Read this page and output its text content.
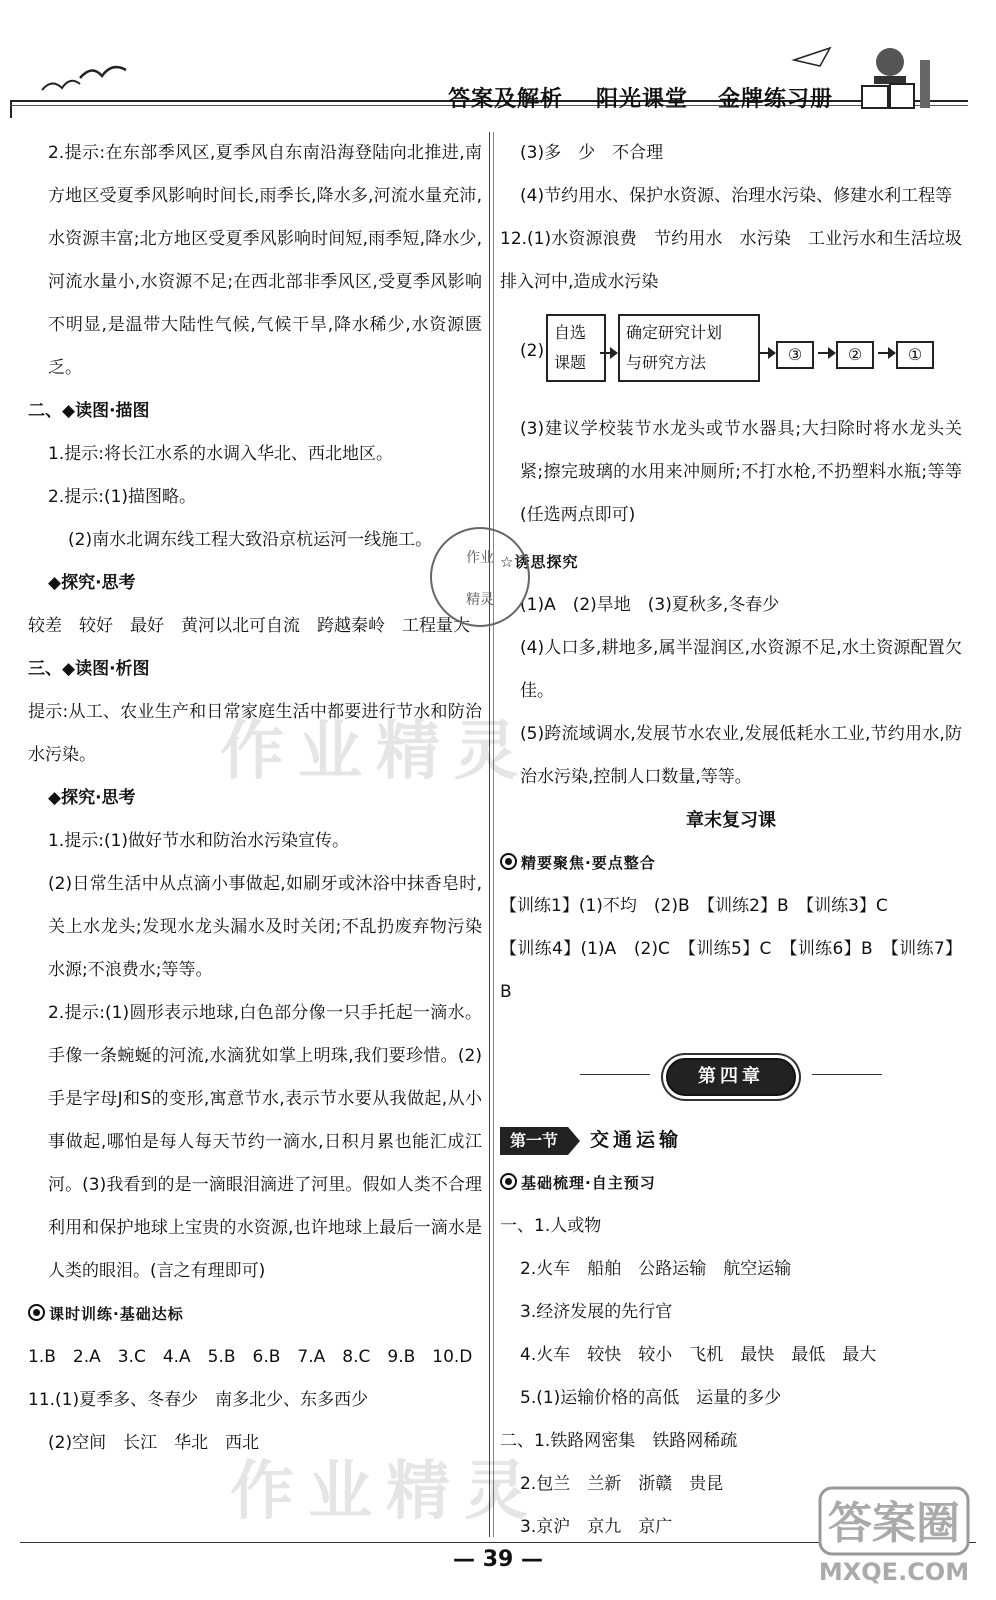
答案及解析 阳光课堂 金牌练习册

2.提示:在东部季风区,夏季风自东南沿海登陆向北推进,南方地区受夏季风影响时间长,雨季长,降水多,河流水量充沛,水资源丰富;北方地区受夏季风影响时间短,雨季短,降水少,河流水量小,水资源不足;在西北部非季风区,受夏季风影响不明显,是温带大陆性气候,气候干旱,降水稀少,水资源匮乏。

二、◆读图·描图

1.提示:将长江水系的水调入华北、西北地区。

2.提示:(1)描图略。

(2)南水北调东线工程大致沿京杭运河一线施工。

◆探究·思考

较差　较好　最好　黄河以北可自流　跨越秦岭　工程量大

三、◆读图·析图

提示:从工、农业生产和日常家庭生活中都要进行节水和防治水污染。

◆探究·思考

1.提示:(1)做好节水和防治水污染宣传。

(2)日常生活中从点滴小事做起,如刷牙或沐浴中抹香皂时,关上水龙头;发现水龙头漏水及时关闭;不乱扔废弃物污染水源;不浪费水;等等。

2.提示:(1)圆形表示地球,白色部分像一只手托起一滴水。手像一条蜿蜒的河流,水滴犹如掌上明珠,我们要珍惜。(2)手是字母J和S的变形,寓意节水,表示节水要从我做起,从小事做起,哪怕是每人每天节约一滴水,日积月累也能汇成江河。(3)我看到的是一滴眼泪滴进了河里。假如人类不合理利用和保护地球上宝贵的水资源,也许地球上最后一滴水是人类的眼泪。(言之有理即可)

课时训练·基础达标

1.B　2.A　3.C　4.A　5.B　6.B　7.A　8.C　9.B　10.D

11.(1)夏季多、冬春少　南多北少、东多西少

(2)空间　长江　华北　西北

(3)多　少　不合理

(4)节约用水、保护水资源、治理水污染、修建水利工程等

12.(1)水资源浪费　节约用水　水污染　工业污水和生活垃圾排入河中,造成水污染

(2)
自选
课题
确定研究计划
与研究方法	③	②	①

(3)建议学校装节水龙头或节水器具;大扫除时将水龙头关紧;擦完玻璃的水用来冲厕所;不打水枪,不扔塑料水瓶;等等(任选两点即可)

☆诱思探究

(1)A　(2)旱地　(3)夏秋多,冬春少

(4)人口多,耕地多,属半湿润区,水资源不足,水土资源配置欠佳。

(5)跨流域调水,发展节水农业,发展低耗水工业,节约用水,防治水污染,控制人口数量,等等。

章末复习课

精要聚焦·要点整合

【训练1】(1)不均　(2)B　【训练2】B　【训练3】C

【训练4】(1)A　(2)C　【训练5】C　【训练6】B　【训练7】B

第四章
第一节	交通运输

基础梳理·自主预习

一、1.人或物

2.火车　船舶　公路运输　航空运输

3.经济发展的先行官

4.火车　较快　较小　飞机　最快　最低　最大

5.(1)运输价格的高低　运量的多少

二、1.铁路网密集　铁路网稀疏

2.包兰　兰新　浙赣　贵昆

3.京沪　京九　京广

作业
精灵
作业精灵
作业精灵
— 39 —
答案圈
MXQE.COM
